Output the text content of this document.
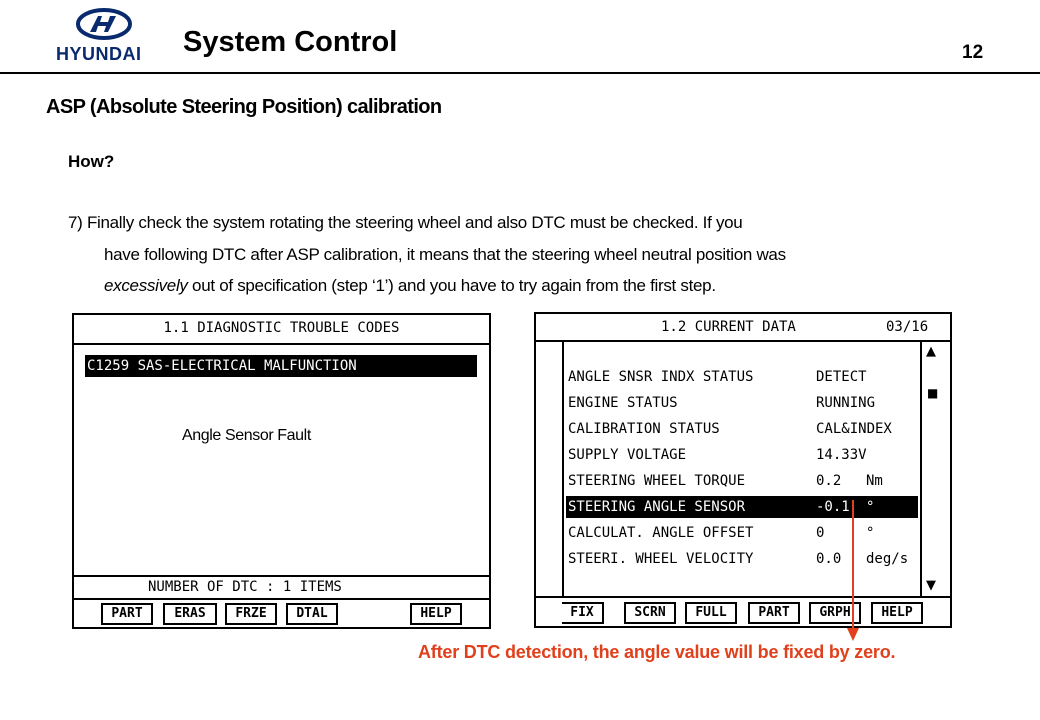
HYUNDAI System Control	12
ASP (Absolute Steering Position) calibration
How?
7) Finally check the system rotating the steering wheel and also DTC must be checked. If you
have following DTC after ASP calibration, it means that the steering wheel neutral position was
excessively out of specification (step ‘1’) and you have to try again from the first step.
1.1 DIAGNOSTIC TROUBLE CODES
C1259 SAS-ELECTRICAL MALFUNCTION
Angle Sensor Fault
NUMBER OF DTC : 1 ITEMS
PART	ERAS	FRZE	DTAL	HELP
1.2 CURRENT DATA	03/16
ANGLE SNSR INDX STATUS	DETECT
ENGINE STATUS	RUNNING
CALIBRATION STATUS	CAL&INDEX
SUPPLY VOLTAGE	14.33V
STEERING WHEEL TORQUE	0.2 Nm
STEERING ANGLE SENSOR	-0.1 °
CALCULAT. ANGLE OFFSET	0	°
STEERI. WHEEL VELOCITY	0.0 deg/s
▲
■
▼
FIX	SCRN	FULL	PART	GRPH	HELP
After DTC detection, the angle value will be fixed by zero.
